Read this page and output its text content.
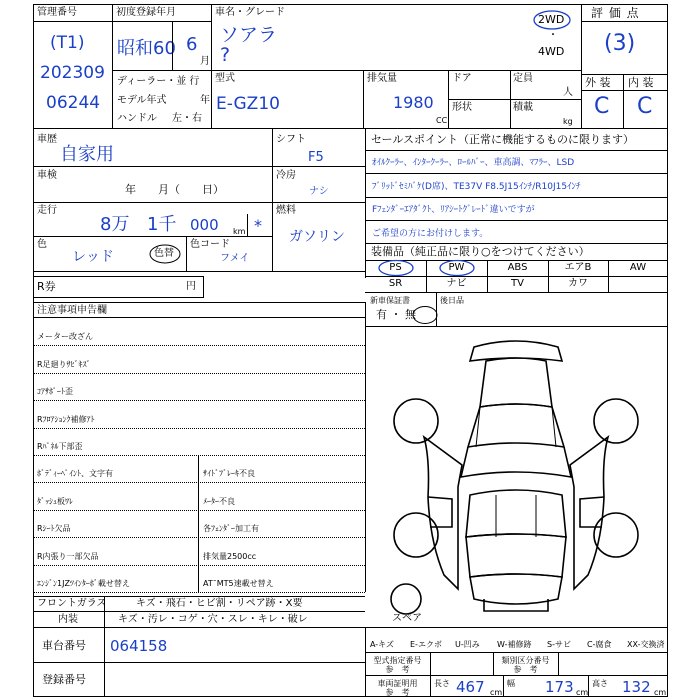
管理番号
(T1)
202309
06244
初度登録年月
昭和60 6
月
ディーラー・並 行
モデル年式	年
ハンドル 左・右
車名・グレード
ソアラ
?
2WD
・
4WD
型式
E-GZ10
排気量
1980
CC
ドア
形状
定員
人
積載
kg
評 価 点
(3)
外 装 内 装
C C
車歴
自家用
車検
年　　月（　　日）
走行
8万 1千 000 km *
色
レッド	色替
色コード
フメイ
シフト
F5
冷房
ナシ
燃料
ガソリン
セールスポイント（正常に機能するものに限ります）
ｵｲﾙｸｰﾗｰ、ｲﾝﾀｰｸｰﾗｰ、ﾛｰﾙﾊﾞｰ、車高調、ﾏﾌﾗｰ、LSD
ﾌﾞﾘｯﾄﾞｾﾐﾊﾞｹ(D席)、TE37V F8.5J15ｲﾝﾁ/R10J15ｲﾝﾁ
Fﾌｪﾝﾀﾞｰｴｱﾀﾞｸﾄ、ﾘｱｼｰﾄｸﾞﾚｰﾄﾞ違いですが
ご希望の方にお付けします。
装備品（純正品に限り○をつけてください）
PS	PW	ABS	エアB	AW
SR	ナビ	TV	カワ
新車保証書
有 ・ 無
後日品
R券	円
注意事項申告欄
メーター改ざん
R足廻りｻﾋﾞｷｽﾞ
ｺｱｻﾎﾟｰﾄ歪
Rﾌﾛｱｼｮﾝｸ補修ｱﾄ
Rﾊﾟﾈﾙ下部歪
ﾎﾞﾃﾞｨｰﾍﾟｲﾝﾄ、文字有
ﾀﾞｯｼｭ板ﾜﾚ
Rｼｰﾄ欠品
R内張り一部欠品
ｴﾝｼﾞﾝ1JZﾂｲﾝﾀｰﾎﾞ載せ替え
ｻｲﾄﾞﾌﾞﾚｰｷ不良
ﾒｰﾀｰ不良
各ﾌｪﾝﾀﾞｰ加工有
排気量2500cc
AT¯MT5速載せ替え
フロントガラス	キズ・飛石・ヒビ割・リペア跡・X要
内装	キズ・汚レ・コゲ・穴・スレ・キレ・破レ
車台番号 064158
登録番号
A-キズ E-エクボ U-凹み W-補修跡 S-サビ C-腐食 XX-交換済
型式指定番号
参　考
類別区分番号
参　考
車両証明用
参　考
長さ 467 cm
幅 173 cm
高さ 132 cm
スペア
